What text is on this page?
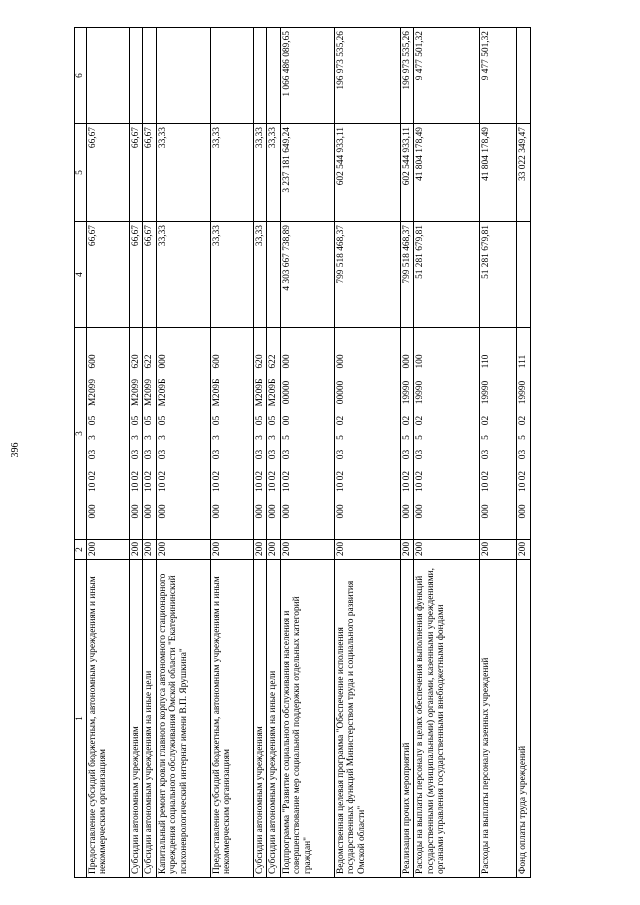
396
1	2	3	4	5	6
Предоставление субсидий бюджетным, автономным учреждениям и иным некоммерческим организациям	200	00010 0203305M2099600	66,67	66,67	
Субсидии автономным учреждениям	200	00010 0203305M2099620	66,67	66,67	
Субсидии автономным учреждениям на иные цели	200	00010 0203305M2099622	66,67	66,67	
Капитальный ремонт кровли главного корпуса автономного стационарного учреждения социального обслуживания Омской области "Екатерининский психоневрологический интернат имени В.П. Ярушкина"	200	00010 0203305M209Б000	33,33	33,33	
Предоставление субсидий бюджетным, автономным учреждениям и иным некоммерческим организациям	200	00010 0203305M209Б600	33,33	33,33	
Субсидии автономным учреждениям	200	00010 0203305M209Б620	33,33	33,33	
Субсидии автономным учреждениям на иные цели	200	00010 0203305M209Б622		33,33	
Подпрограмма "Развитие социального обслуживания населения и совершенствование мер социальной поддержки отдельных категорий граждан"	200	00010 020350000000000	4 303 667 738,89	3 237 181 649,24	1 066 486 089,65
Ведомственная целевая программа "Обеспечение исполнения государственных функций Министерством труда и социального развития Омской области"	200	00010 020350200000000	799 518 468,37	602 544 933,11	196 973 535,26
Реализация прочих мероприятий	200	00010 020350219990000	799 518 468,37	602 544 933,11	196 973 535,26
Расходы на выплаты персоналу в целях обеспечения выполнения функций государственными (муниципальными) органами, казенными учреждениями, органами управления государственными внебюджетными фондами	200	00010 020350219990100	51 281 679,81	41 804 178,49	9 477 501,32
Расходы на выплаты персоналу казенных учреждений	200	00010 020350219990110	51 281 679,81	41 804 178,49	9 477 501,32
Фонд оплаты труда учреждений	200	00010 020350219990111		33 022 349,47	
